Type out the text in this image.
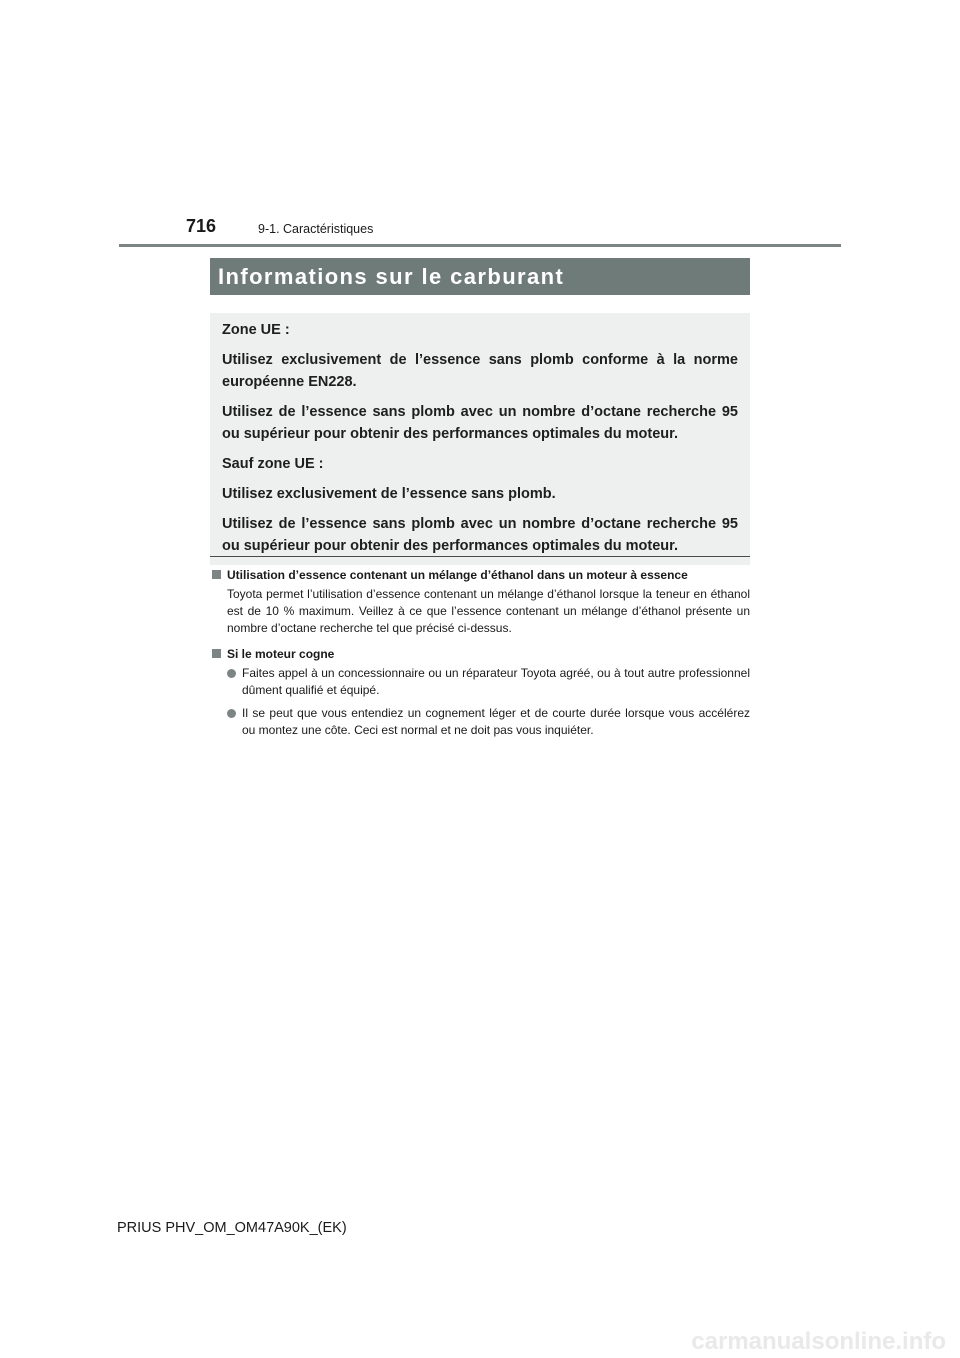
716	9-1. Caractéristiques
Informations sur le carburant

Zone UE :

Utilisez exclusivement de l’essence sans plomb conforme à la norme européenne EN228.

Utilisez de l’essence sans plomb avec un nombre d’octane recherche 95 ou supérieur pour obtenir des performances optimales du moteur.

Sauf zone UE :

Utilisez exclusivement de l’essence sans plomb.

Utilisez de l’essence sans plomb avec un nombre d’octane recherche 95 ou supérieur pour obtenir des performances optimales du moteur.

Utilisation d’essence contenant un mélange d’éthanol dans un moteur à essence

Toyota permet l’utilisation d’essence contenant un mélange d’éthanol lorsque la teneur en éthanol est de 10 % maximum. Veillez à ce que l’essence contenant un mélange d’éthanol présente un nombre d’octane recherche tel que précisé ci-dessus.

Si le moteur cogne
Faites appel à un concessionnaire ou un réparateur Toyota agréé, ou à tout autre professionnel dûment qualifié et équipé.
Il se peut que vous entendiez un cognement léger et de courte durée lorsque vous accélérez ou montez une côte. Ceci est normal et ne doit pas vous inquiéter.
PRIUS PHV_OM_OM47A90K_(EK)
carmanualsonline.info
